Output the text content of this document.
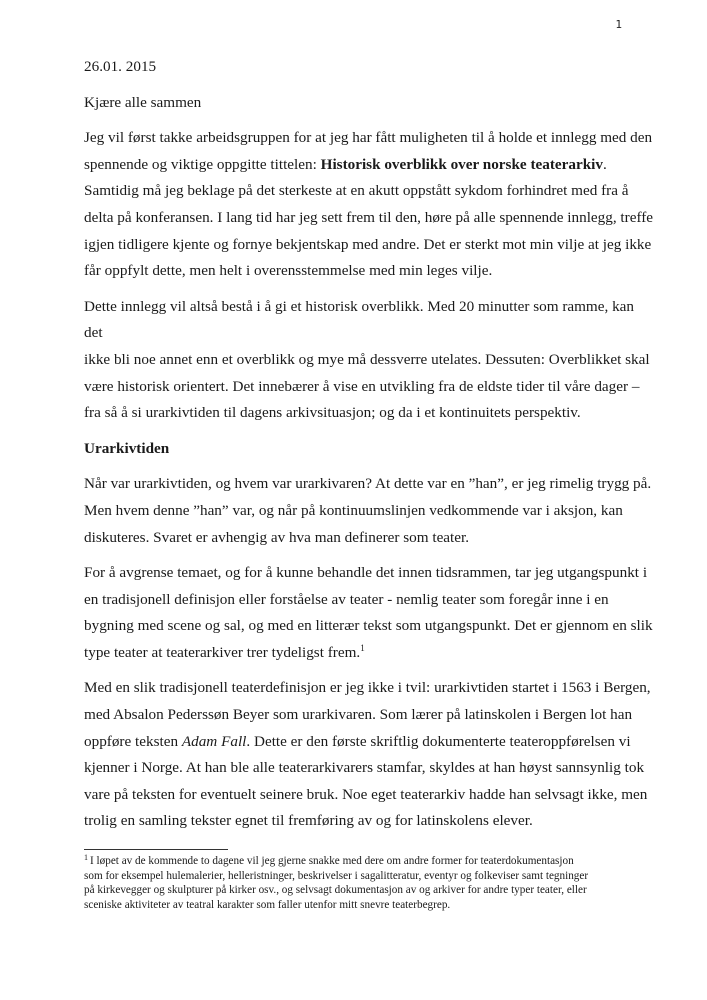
1

26.01. 2015

Kjære alle sammen

Jeg vil først takke arbeidsgruppen for at jeg har fått muligheten til å holde et innlegg med den
spennende og viktige oppgitte tittelen: Historisk overblikk over norske teaterarkiv.
Samtidig må jeg beklage på det sterkeste at en akutt oppstått sykdom forhindret med fra å
delta på konferansen. I lang tid har jeg sett frem til den, høre på alle spennende innlegg, treffe
igjen tidligere kjente og fornye bekjentskap med andre. Det er sterkt mot min vilje at jeg ikke
får oppfylt dette, men helt i overensstemmelse med min leges vilje.

Dette innlegg vil altså bestå i å gi et historisk overblikk. Med 20 minutter som ramme, kan det
ikke bli noe annet enn et overblikk og mye må dessverre utelates. Dessuten: Overblikket skal
være historisk orientert. Det innebærer å vise en utvikling fra de eldste tider til våre dager –
fra så å si urarkivtiden til dagens arkivsituasjon; og da i et kontinuitets perspektiv.

Urarkivtiden

Når var urarkivtiden, og hvem var urarkivaren? At dette var en ”han”, er jeg rimelig trygg på.
Men hvem denne ”han” var, og når på kontinuumslinjen vedkommende var i aksjon, kan
diskuteres. Svaret er avhengig av hva man definerer som teater.

For å avgrense temaet, og for å kunne behandle det innen tidsrammen, tar jeg utgangspunkt i
en tradisjonell definisjon eller forståelse av teater - nemlig teater som foregår inne i en
bygning med scene og sal, og med en litterær tekst som utgangspunkt. Det er gjennom en slik
type teater at teaterarkiver trer tydeligst frem.$^1$

Med en slik tradisjonell teaterdefinisjon er jeg ikke i tvil: urarkivtiden startet i 1563 i Bergen,
med Absalon Pederssøn Beyer som urarkivaren. Som lærer på latinskolen i Bergen lot han
oppføre teksten Adam Fall. Dette er den første skriftlig dokumenterte teateroppførelsen vi
kjenner i Norge. At han ble alle teaterarkivarers stamfar, skyldes at han høyst sannsynlig tok
vare på teksten for eventuelt seinere bruk. Noe eget teaterarkiv hadde han selvsagt ikke, men
trolig en samling tekster egnet til fremføring av og for latinskolens elever.

$^1$ I løpet av de kommende to dagene vil jeg gjerne snakke med dere om andre former for teaterdokumentasjon
som for eksempel hulemalerier, helleristninger, beskrivelser i sagalitteratur, eventyr og folkeviser samt tegninger
på kirkevegger og skulpturer på kirker osv., og selvsagt dokumentasjon av og arkiver for andre typer teater, eller
sceniske aktiviteter av teatral karakter som faller utenfor mitt snevre teaterbegrep.
